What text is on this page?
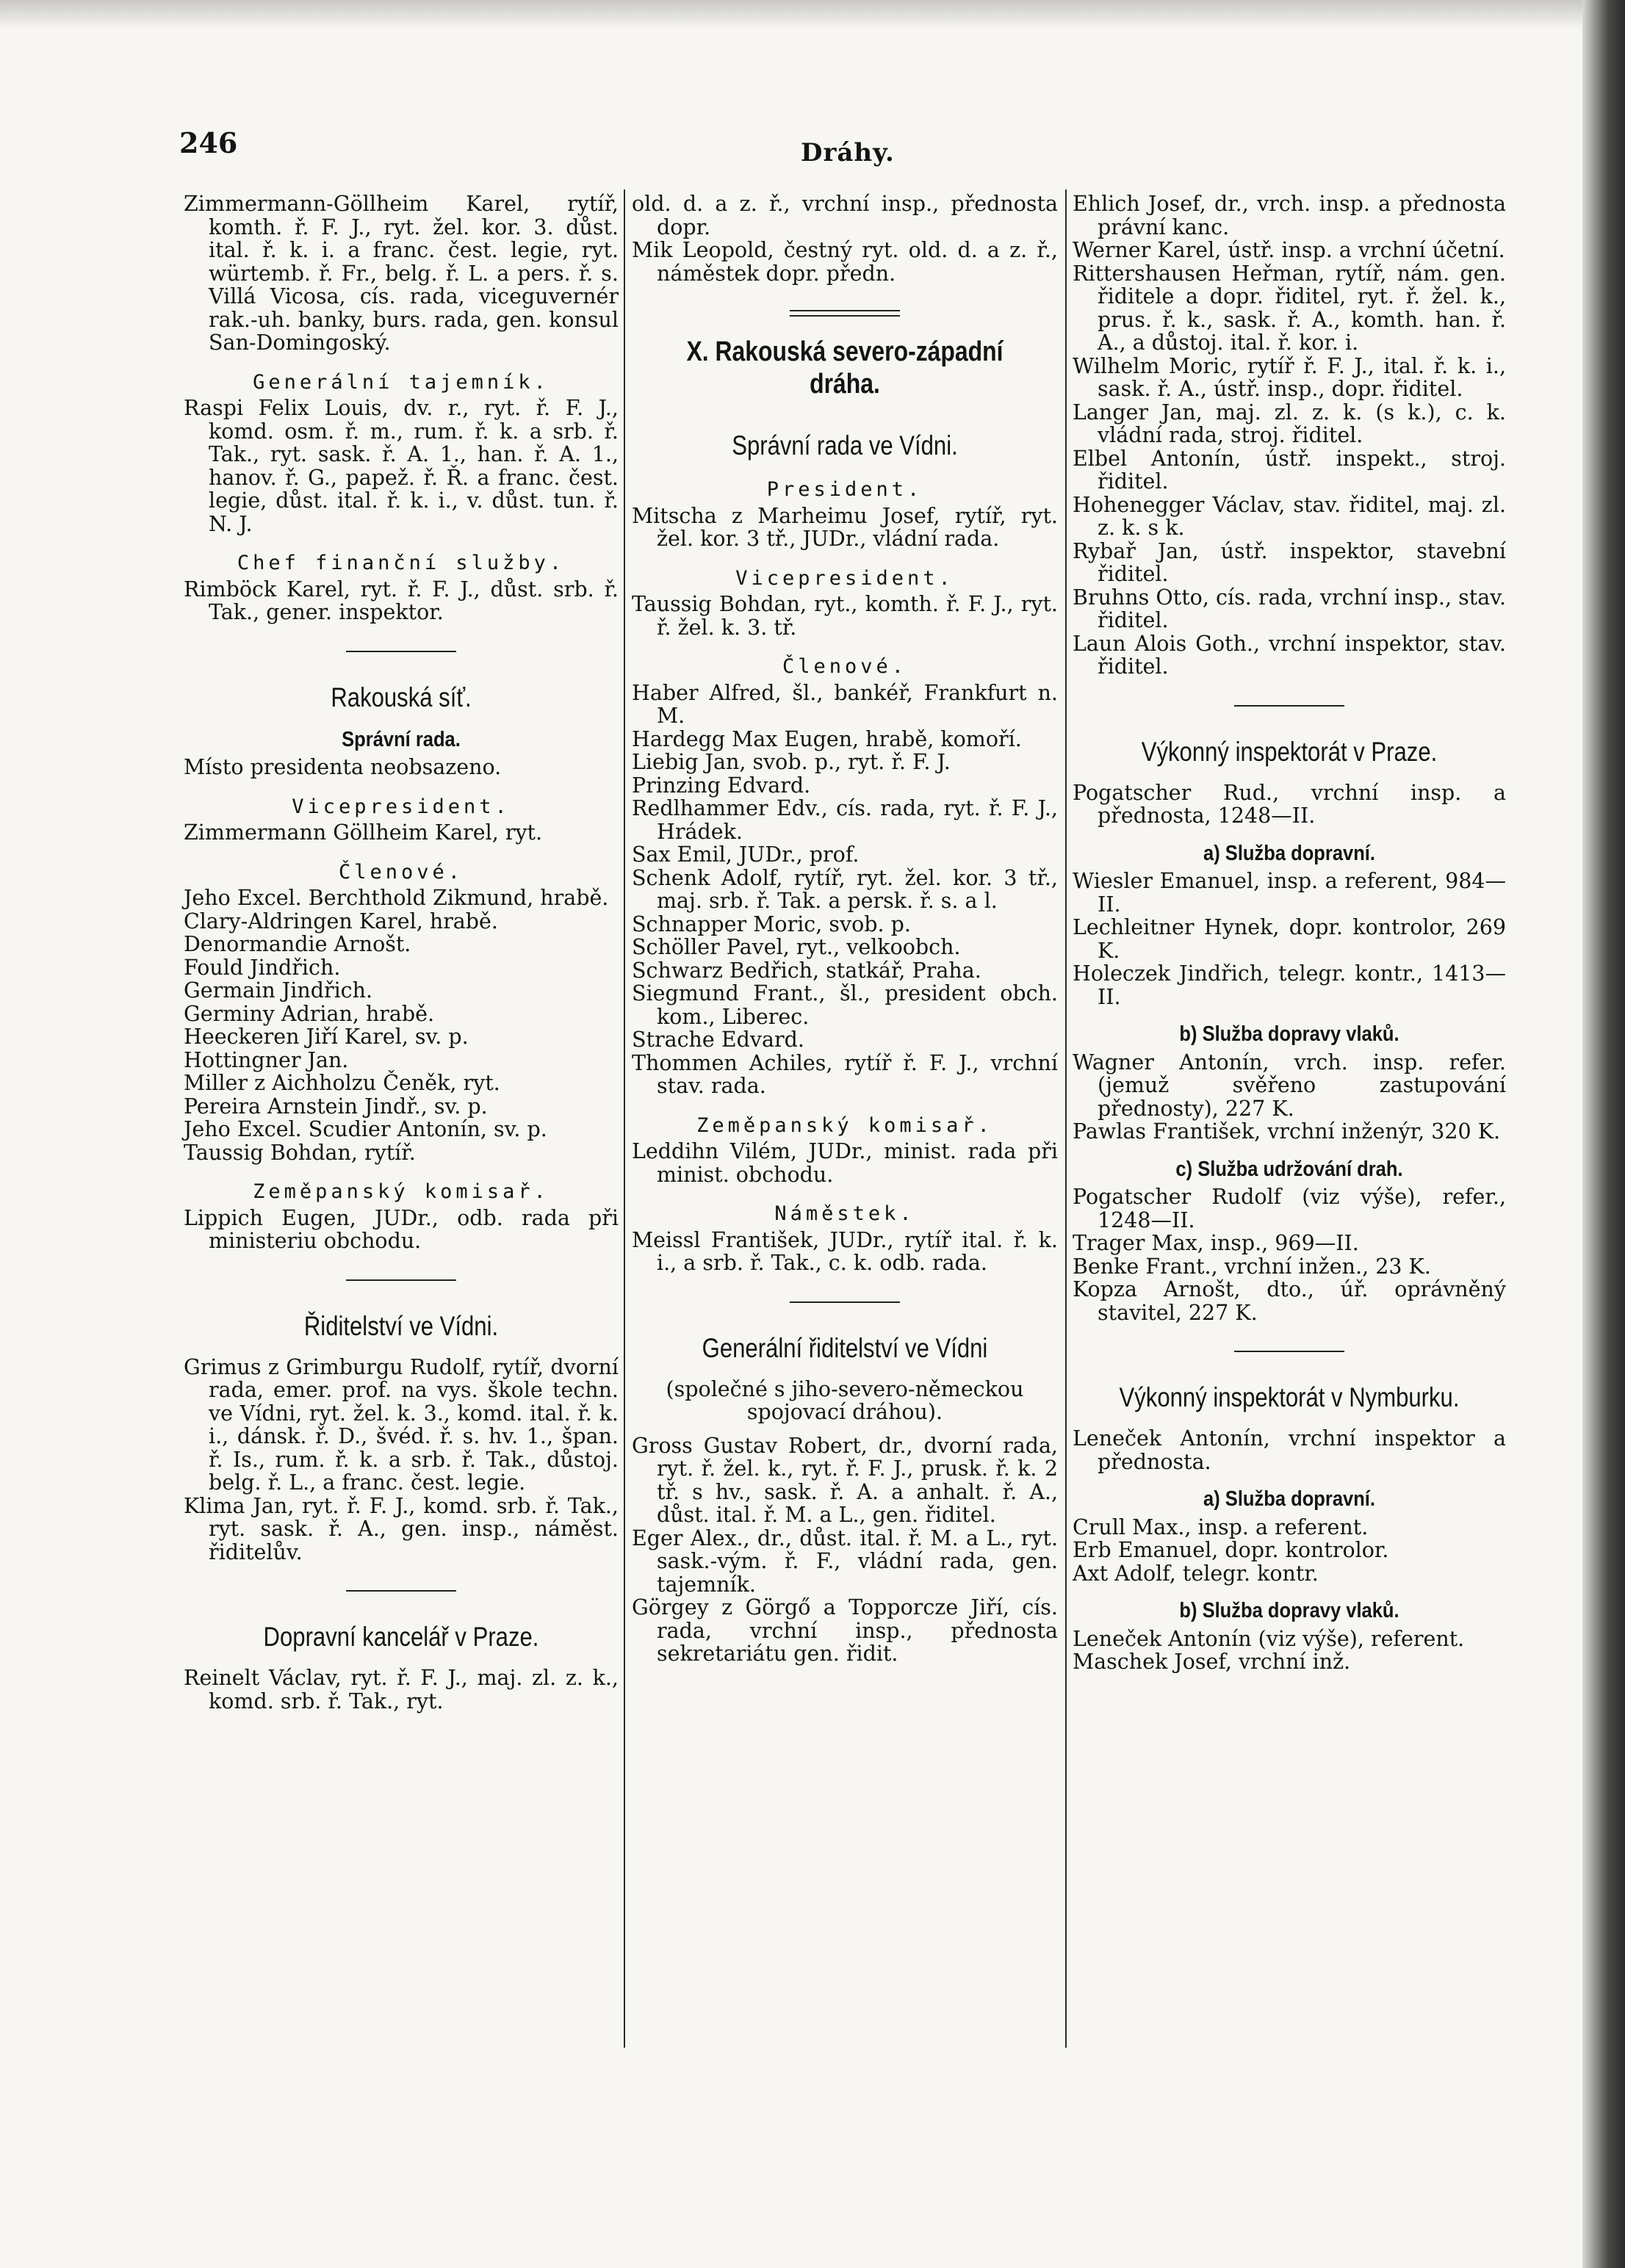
246	Dráhy.
Zimmermann-Göllheim Karel, rytíř, komth. ř. F. J., ryt. žel. kor. 3. důst. ital. ř. k. i. a franc. čest. legie, ryt. würtemb. ř. Fr., belg. ř. L. a pers. ř. s. Villá Vicosa, cís. rada, viceguvernér rak.-uh. banky, burs. rada, gen. konsul San-Domingoský.
Generální tajemník.
Raspi Felix Louis, dv. r., ryt. ř. F. J., komd. osm. ř. m., rum. ř. k. a srb. ř. Tak., ryt. sask. ř. A. 1., han. ř. A. 1., hanov. ř. G., papež. ř. Ř. a franc. čest. legie, důst. ital. ř. k. i., v. důst. tun. ř. N. J.
Chef finanční služby.
Rimböck Karel, ryt. ř. F. J., důst. srb. ř. Tak., gener. inspektor.
Rakouská síť.
Správní rada.
Místo presidenta neobsazeno.
Vicepresident.
Zimmermann Göllheim Karel, ryt.
Členové.
Jeho Excel. Berchthold Zikmund, hrabě.
Clary-Aldringen Karel, hrabě.
Denormandie Arnošt.
Fould Jindřich.
Germain Jindřich.
Germiny Adrian, hrabě.
Heeckeren Jiří Karel, sv. p.
Hottingner Jan.
Miller z Aichholzu Čeněk, ryt.
Pereira Arnstein Jindř., sv. p.
Jeho Excel. Scudier Antonín, sv. p.
Taussig Bohdan, rytíř.
Zeměpanský komisař.
Lippich Eugen, JUDr., odb. rada při ministeriu obchodu.
Řiditelství ve Vídni.
Grimus z Grimburgu Rudolf, rytíř, dvorní rada, emer. prof. na vys. škole techn. ve Vídni, ryt. žel. k. 3., komd. ital. ř. k. i., dánsk. ř. D., švéd. ř. s. hv. 1., špan. ř. Is., rum. ř. k. a srb. ř. Tak., důstoj. belg. ř. L., a franc. čest. legie.
Klima Jan, ryt. ř. F. J., komd. srb. ř. Tak., ryt. sask. ř. A., gen. insp., náměst. řiditelův.
Dopravní kancelář v Praze.
Reinelt Václav, ryt. ř. F. J., maj. zl. z. k., komd. srb. ř. Tak., ryt.
old. d. a z. ř., vrchní insp., přednosta dopr.
Mik Leopold, čestný ryt. old. d. a z. ř., náměstek dopr. předn.
X. Rakouská severo-západní dráha.
Správní rada ve Vídni.
President.
Mitscha z Marheimu Josef, rytíř, ryt. žel. kor. 3 tř., JUDr., vládní rada.
Vicepresident.
Taussig Bohdan, ryt., komth. ř. F. J., ryt. ř. žel. k. 3. tř.
Členové.
Haber Alfred, šl., bankéř, Frankfurt n. M.
Hardegg Max Eugen, hrabě, komoří.
Liebig Jan, svob. p., ryt. ř. F. J.
Prinzing Edvard.
Redlhammer Edv., cís. rada, ryt. ř. F. J., Hrádek.
Sax Emil, JUDr., prof.
Schenk Adolf, rytíř, ryt. žel. kor. 3 tř., maj. srb. ř. Tak. a persk. ř. s. a l.
Schnapper Moric, svob. p.
Schöller Pavel, ryt., velkoobch.
Schwarz Bedřich, statkář, Praha.
Siegmund Frant., šl., president obch. kom., Liberec.
Strache Edvard.
Thommen Achiles, rytíř ř. F. J., vrchní stav. rada.
Zeměpanský komisař.
Leddihn Vilém, JUDr., minist. rada při minist. obchodu.
Náměstek.
Meissl František, JUDr., rytíř ital. ř. k. i., a srb. ř. Tak., c. k. odb. rada.
Generální řiditelství ve Vídni
(společné s jiho-severo-německou spojovací dráhou).
Gross Gustav Robert, dr., dvorní rada, ryt. ř. žel. k., ryt. ř. F. J., prusk. ř. k. 2 tř. s hv., sask. ř. A. a anhalt. ř. A., důst. ital. ř. M. a L., gen. řiditel.
Eger Alex., dr., důst. ital. ř. M. a L., ryt. sask.-vým. ř. F., vládní rada, gen. tajemník.
Görgey z Görgő a Topporcze Jiří, cís. rada, vrchní insp., přednosta sekretariátu gen. řidit.
Ehlich Josef, dr., vrch. insp. a přednosta právní kanc.
Werner Karel, ústř. insp. a vrchní účetní.
Rittershausen Heřman, rytíř, nám. gen. řiditele a dopr. řiditel, ryt. ř. žel. k., prus. ř. k., sask. ř. A., komth. han. ř. A., a důstoj. ital. ř. kor. i.
Wilhelm Moric, rytíř ř. F. J., ital. ř. k. i., sask. ř. A., ústř. insp., dopr. řiditel.
Langer Jan, maj. zl. z. k. (s k.), c. k. vládní rada, stroj. řiditel.
Elbel Antonín, ústř. inspekt., stroj. řiditel.
Hohenegger Václav, stav. řiditel, maj. zl. z. k. s k.
Rybař Jan, ústř. inspektor, stavební řiditel.
Bruhns Otto, cís. rada, vrchní insp., stav. řiditel.
Laun Alois Goth., vrchní inspektor, stav. řiditel.
Výkonný inspektorát v Praze.
Pogatscher Rud., vrchní insp. a přednosta, 1248—II.
a) Služba dopravní.
Wiesler Emanuel, insp. a referent, 984—II.
Lechleitner Hynek, dopr. kontrolor, 269 K.
Holeczek Jindřich, telegr. kontr., 1413—II.
b) Služba dopravy vlaků.
Wagner Antonín, vrch. insp. refer. (jemuž svěřeno zastupování přednosty), 227 K.
Pawlas František, vrchní inženýr, 320 K.
c) Služba udržování drah.
Pogatscher Rudolf (viz výše), refer., 1248—II.
Trager Max, insp., 969—II.
Benke Frant., vrchní inžen., 23 K.
Kopza Arnošt, dto., úř. oprávněný stavitel, 227 K.
Výkonný inspektorát v Nymburku.
Leneček Antonín, vrchní inspektor a přednosta.
a) Služba dopravní.
Crull Max., insp. a referent.
Erb Emanuel, dopr. kontrolor.
Axt Adolf, telegr. kontr.
b) Služba dopravy vlaků.
Leneček Antonín (viz výše), referent.
Maschek Josef, vrchní inž.
